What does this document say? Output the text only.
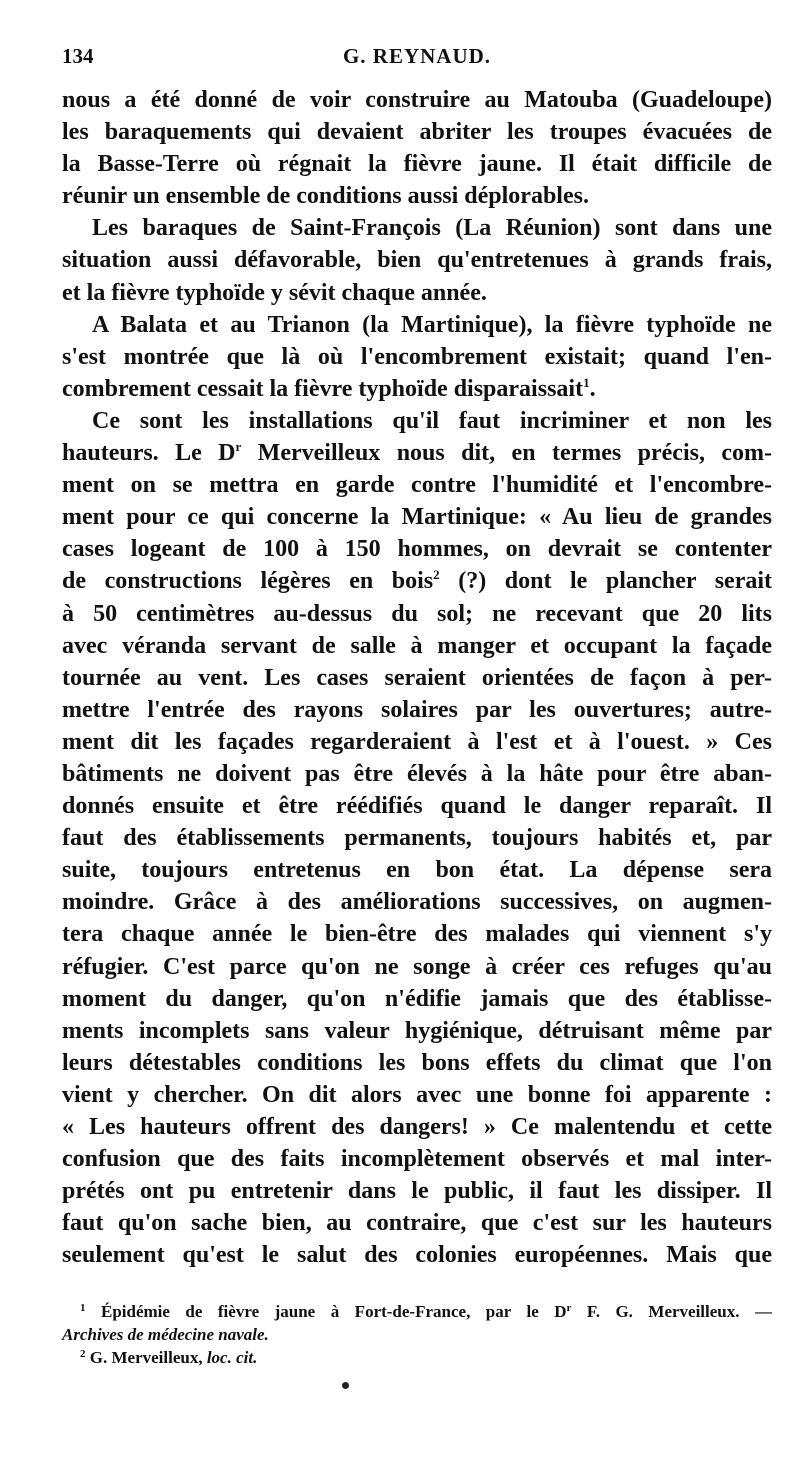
134	G. REYNAUD.
nous a été donné de voir construire au Matouba (Guadeloupe)
les baraquements qui devaient abriter les troupes évacuées de
la Basse-Terre où régnait la fièvre jaune. Il était difficile de
réunir un ensemble de conditions aussi déplorables.
Les baraques de Saint-François (La Réunion) sont dans une
situation aussi défavorable, bien qu'entretenues à grands frais,
et la fièvre typhoïde y sévit chaque année.
A Balata et au Trianon (la Martinique), la fièvre typhoïde ne
s'est montrée que là où l'encombrement existait; quand l'en-
combrement cessait la fièvre typhoïde disparaissait$^1$.
Ce sont les installations qu'il faut incriminer et non les
hauteurs. Le $D^r$ Merveilleux nous dit, en termes précis, com-
ment on se mettra en garde contre l'humidité et l'encombre-
ment pour ce qui concerne la Martinique: « Au lieu de grandes
cases logeant de 100 à 150 hommes, on devrait se contenter
de constructions légères en bois$^2$ (?) dont le plancher serait
à 50 centimètres au-dessus du sol; ne recevant que 20 lits
avec véranda servant de salle à manger et occupant la façade
tournée au vent. Les cases seraient orientées de façon à per-
mettre l'entrée des rayons solaires par les ouvertures; autre-
ment dit les façades regarderaient à l'est et à l'ouest. » Ces
bâtiments ne doivent pas être élevés à la hâte pour être aban-
donnés ensuite et être réédifiés quand le danger reparaît. Il
faut des établissements permanents, toujours habités et, par
suite, toujours entretenus en bon état. La dépense sera
moindre. Grâce à des améliorations successives, on augmen-
tera chaque année le bien-être des malades qui viennent s'y
réfugier. C'est parce qu'on ne songe à créer ces refuges qu'au
moment du danger, qu'on n'édifie jamais que des établisse-
ments incomplets sans valeur hygiénique, détruisant même par
leurs détestables conditions les bons effets du climat que l'on
vient y chercher. On dit alors avec une bonne foi apparente :
« Les hauteurs offrent des dangers! » Ce malentendu et cette
confusion que des faits incomplètement observés et mal inter-
prétés ont pu entretenir dans le public, il faut les dissiper. Il
faut qu'on sache bien, au contraire, que c'est sur les hauteurs
seulement qu'est le salut des colonies européennes. Mais que
$^1$ Épidémie de fièvre jaune à Fort-de-France, par le $D^r$ F. G. Merveilleux. —
Archives de médecine navale.
$^2$ G. Merveilleux, loc. cit.
